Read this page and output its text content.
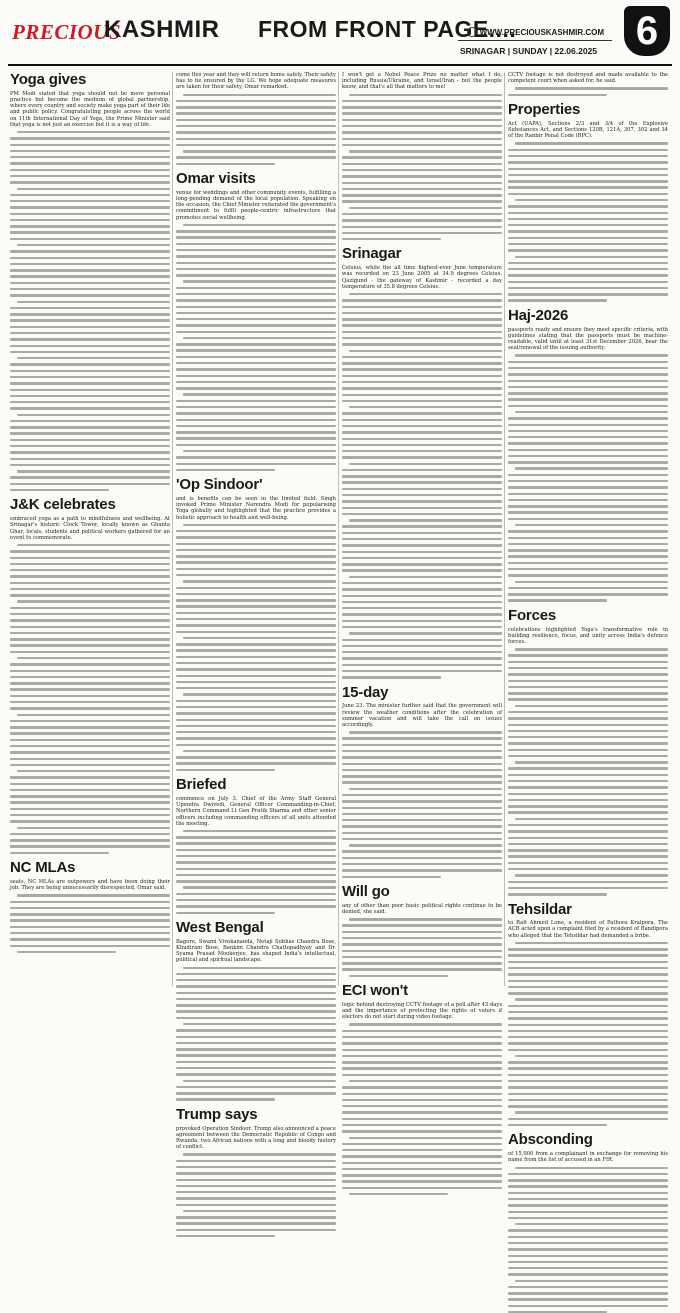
PRECIOUS
KASHMIR FROM FRONT PAGE....
WWW.PRECIOUSKASHMIR.COM
SRINAGAR | SUNDAY | 22.06.2025 6
Yoga gives

PM Modi stated that yoga should not be mere personal practice but become the medium of global partnership, where every country and society make yoga part of their life and public policy. Congratulating people across the world on 11th International Day of Yoga, the Prime Minister said that yoga is not just an exercise but it is a way of life.

J&K celebrates

embraced yoga as a path to mindfulness and wellbeing. At Srinagar's historic Clock Tower, locally known as Ghanta Ghar, locals, students and political workers gathered for an event to commemorate.

NC MLAs

seats, NC MLAs are outpowers and have been doing their job. They are being unnecessarily disrespected, Omar said.

come this year and they will return home safely. Their safety has to be ensured by the LG. We hope adequate measures are taken for their safety, Omar remarked.

Omar visits

venue for weddings and other community events, fulfilling a long-pending demand of the local population. Speaking on the occasion, the Chief Minister reiterated the government's commitment to fulfil people-centric infrastructure that promotes social wellbeing.

'Op Sindoor'

and is benefits can be seen in the limited field. Singh invoked Prime Minister Narendra Modi for popularising Yoga globally and highlighted that the practice provides a holistic approach to health and well-being.

Briefed

commence on July 3. Chief of the Army Staff General Upendra Dwivedi, General Officer Commanding-in-Chief, Northern Command Lt Gen Pratik Sharma and other senior officers including commanding officers of all units attended the meeting.

West Bengal

Bagore, Swami Vivekananda, Netaji Subhas Chandra Bose, Khudiram Bose, Bankim Chandra Chattopadhyay and Dr. Syama Prasad Mookerjee, has shaped India's intellectual, political and spiritual landscape.

Trump says

provoked Operation Sindoor. Trump also announced a peace agreement between the Democratic Republic of Congo and Rwanda, two African nations with a long and bloody history of conflict.

I won't get a Nobel Peace Prize no matter what I do, including Russia/Ukraine, and Israel/Iran - but the people know, and that's all that matters to me!

Srinagar

Celsius, while the all time highest-ever June temperature was recorded on 23 June 2005 at 34.9 degrees Celsius. Qazigund - the gateway of Kashmir - recorded a day temperature of 35.8 degrees Celsius.

15-day

June 23. The minister further said that the government will review the weather conditions after the celebration of summer vacation and will take the call on issues accordingly.

Will go

any of other than poor basic political rights continue to be denied, she said.

ECI won't

logic behind destroying CCTV footage of a poll after 45 days and the importance of protecting the rights of voters if electors do not start during video footage.

CCTV footage is not destroyed and made available to the competent court when asked for, he said.

Properties

Act (UAPA), Sections 2/3 and 3/4 of the Explosive Substances Act, and Sections 120B, 121A, 307, 302 and 34 of the Ranbir Penal Code (RPC).

Haj-2026

passports ready and ensure they meet specific criteria, with guidelines stating that the passports must be machine-readable, valid until at least 31st December 2026, bear the seal/renewal of the issuing authority.

Forces

celebrations highlighted Yoga's transformative role in building resilience, focus, and unity across India's defence forces.

Tehsildar

to Rafi Ahmed Lone, a resident of Pathora Kralpora. The ACB acted upon a complaint filed by a resident of Bandipora who alleged that the Tehsildar had demanded a bribe.

Absconding

of 15,000 from a complainant in exchange for removing his name from the list of accused in an FIR.
